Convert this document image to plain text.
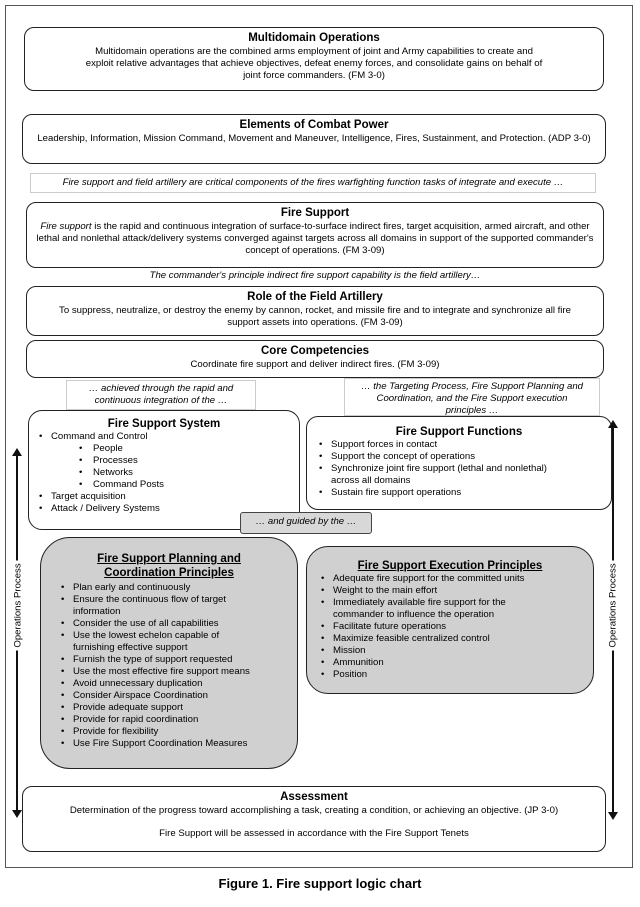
Multidomain Operations
Multidomain operations are the combined arms employment of joint and Army capabilities to create and exploit relative advantages that achieve objectives, defeat enemy forces, and consolidate gains on behalf of joint force commanders. (FM 3-0)
Elements of Combat Power
Leadership, Information, Mission Command, Movement and Maneuver, Intelligence, Fires, Sustainment, and Protection. (ADP 3-0)
Fire support and field artillery are critical components of the fires warfighting function tasks of integrate and execute …
Fire Support
Fire support is the rapid and continuous integration of surface-to-surface indirect fires, target acquisition, armed aircraft, and other lethal and nonlethal attack/delivery systems converged against targets across all domains in support of the supported commander's concept of operations. (FM 3-09)
The commander's principle indirect fire support capability is the field artillery…
Role of the Field Artillery
To suppress, neutralize, or destroy the enemy by cannon, rocket, and missile fire and to integrate and synchronize all fire support assets into operations. (FM 3-09)
Core Competencies
Coordinate fire support and deliver indirect fires. (FM 3-09)
… achieved through the rapid and continuous integration of the …
… the Targeting Process, Fire Support Planning and Coordination, and the Fire Support execution principles …
Fire Support System
• Command and Control
• People
• Processes
• Networks
• Command Posts
• Target acquisition
• Attack / Delivery Systems
Fire Support Functions
• Support forces in contact
• Support the concept of operations
• Synchronize joint fire support (lethal and nonlethal) across all domains
• Sustain fire support operations
… and guided by the …
Fire Support Planning and Coordination Principles
• Plan early and continuously
• Ensure the continuous flow of target information
• Consider the use of all capabilities
• Use the lowest echelon capable of furnishing effective support
• Furnish the type of support requested
• Use the most effective fire support means
• Avoid unnecessary duplication
• Consider Airspace Coordination
• Provide adequate support
• Provide for rapid coordination
• Provide for flexibility
• Use Fire Support Coordination Measures
Fire Support Execution Principles
• Adequate fire support for the committed units
• Weight to the main effort
• Immediately available fire support for the commander to influence the operation
• Facilitate future operations
• Maximize feasible centralized control
• Mission
• Ammunition
• Position
Operations Process	Operations Process
Assessment
Determination of the progress toward accomplishing a task, creating a condition, or achieving an objective. (JP 3-0)
Fire Support will be assessed in accordance with the Fire Support Tenets
Figure 1. Fire support logic chart
